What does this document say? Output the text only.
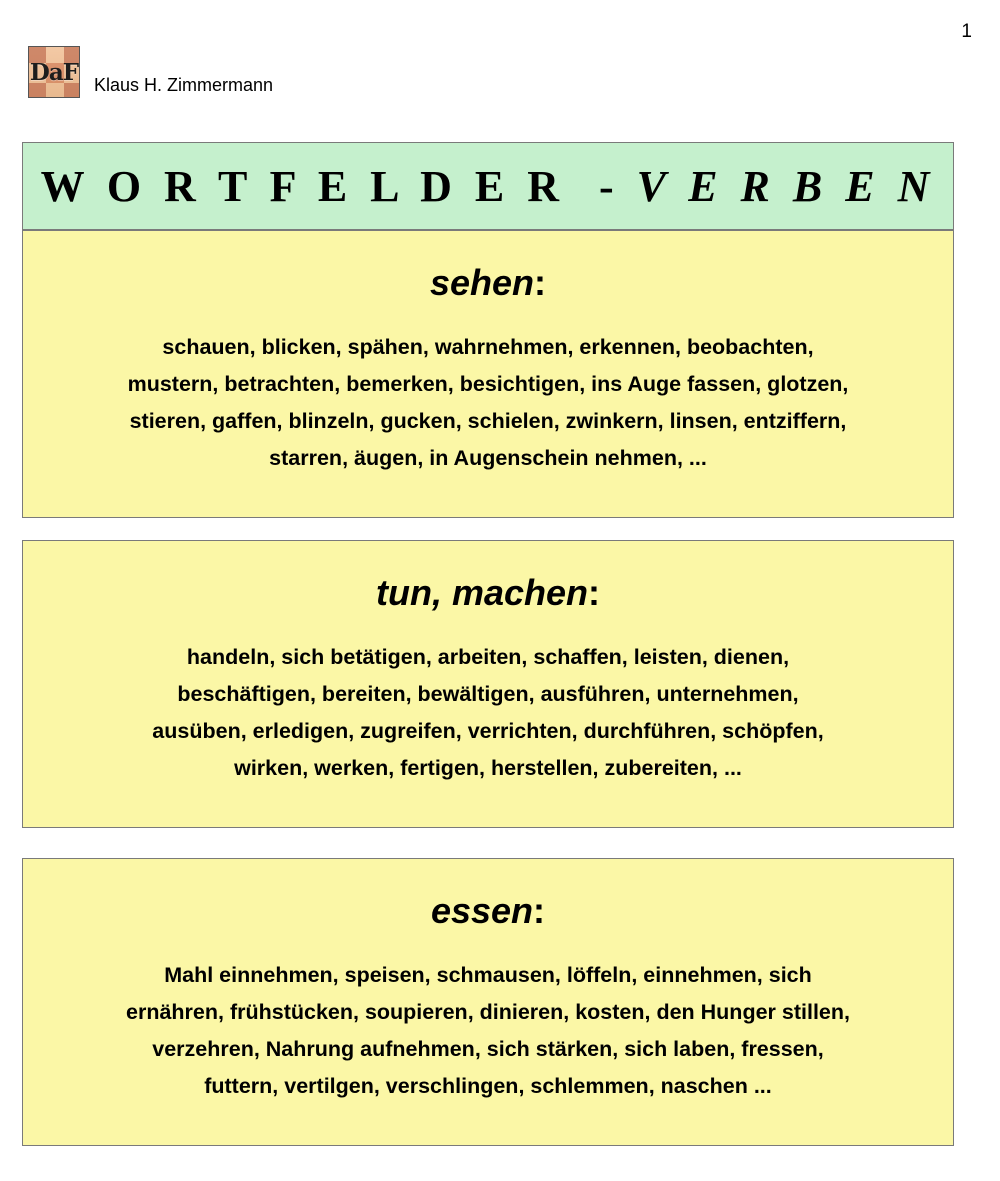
1
DaF Klaus H. Zimmermann
W O R T F E L D E R  - V E R B E N
sehen:
schauen, blicken, spähen, wahrnehmen, erkennen, beobachten,
mustern, betrachten, bemerken, besichtigen, ins Auge fassen, glotzen,
stieren, gaffen, blinzeln, gucken, schielen, zwinkern, linsen, entziffern,
starren, äugen, in Augenschein nehmen, ...
tun, machen:
handeln, sich betätigen, arbeiten, schaffen, leisten, dienen,
beschäftigen, bereiten, bewältigen, ausführen, unternehmen,
ausüben, erledigen, zugreifen, verrichten, durchführen, schöpfen,
wirken, werken, fertigen, herstellen, zubereiten, ...
essen:
Mahl einnehmen, speisen, schmausen, löffeln, einnehmen, sich
ernähren, frühstücken, soupieren, dinieren, kosten, den Hunger stillen,
verzehren, Nahrung aufnehmen, sich stärken, sich laben, fressen,
futtern, vertilgen, verschlingen, schlemmen, naschen ...
